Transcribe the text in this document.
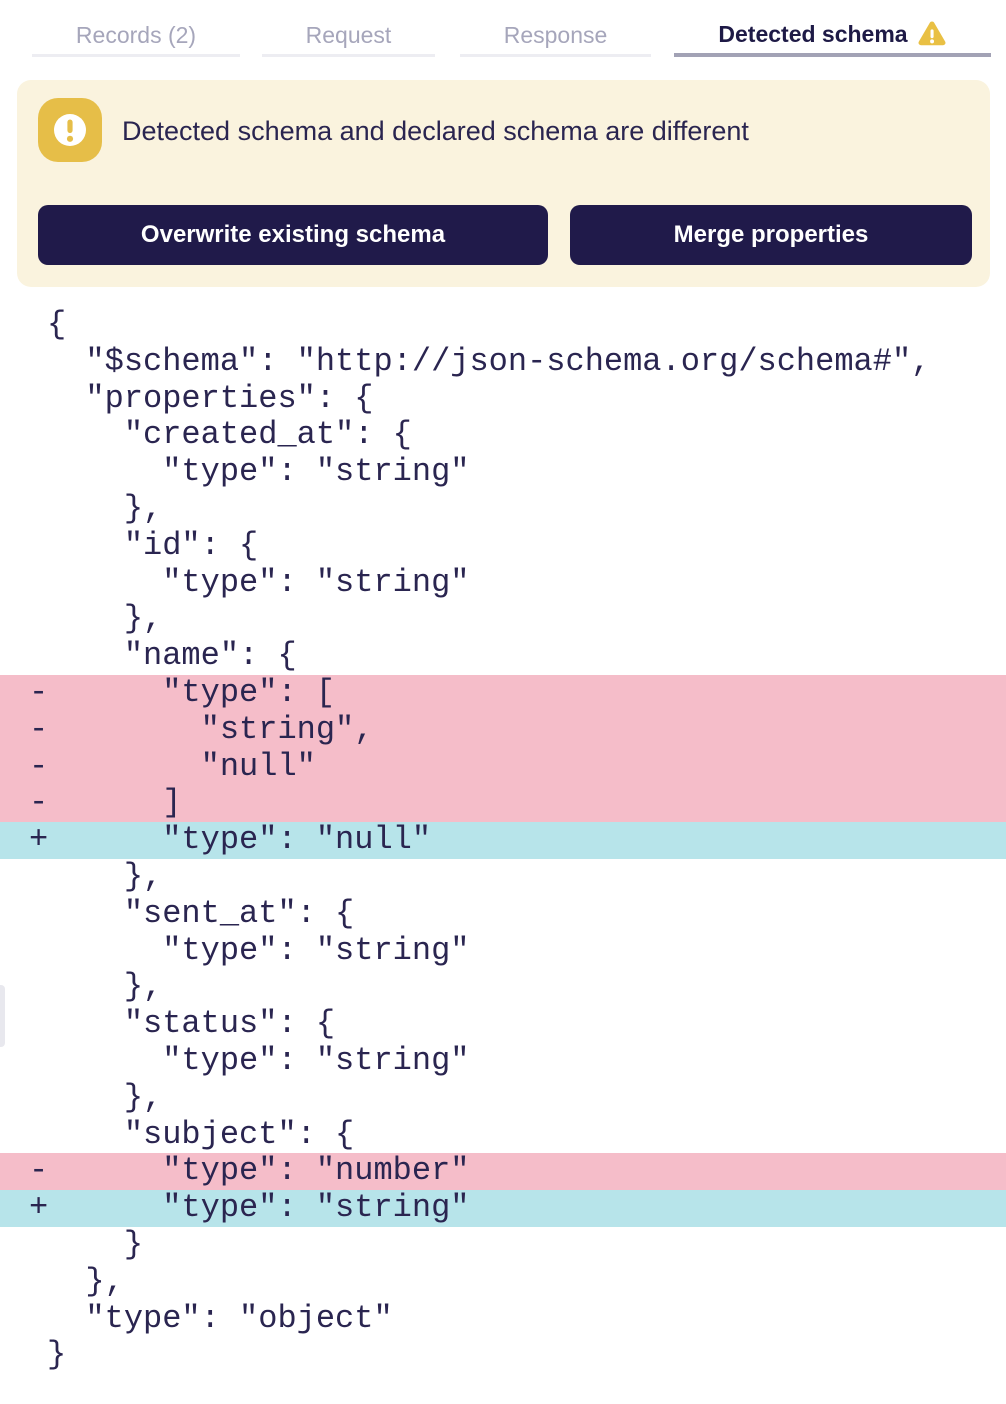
Records (2)	Request	Response	Detected schema
Detected schema and declared schema are different
Overwrite existing schema	Merge properties
{
"$schema": "http://json-schema.org/schema#",
"properties": {
"created_at": {
"type": "string"
},
"id": {
"type": "string"
},
"name": {
-
"type": [
-
"string",
-
"null"
-
]
+
"type": "null"
},
"sent_at": {
"type": "string"
},
"status": {
"type": "string"
},
"subject": {
-
"type": "number"
+
"type": "string"
}
},
"type": "object"
}
